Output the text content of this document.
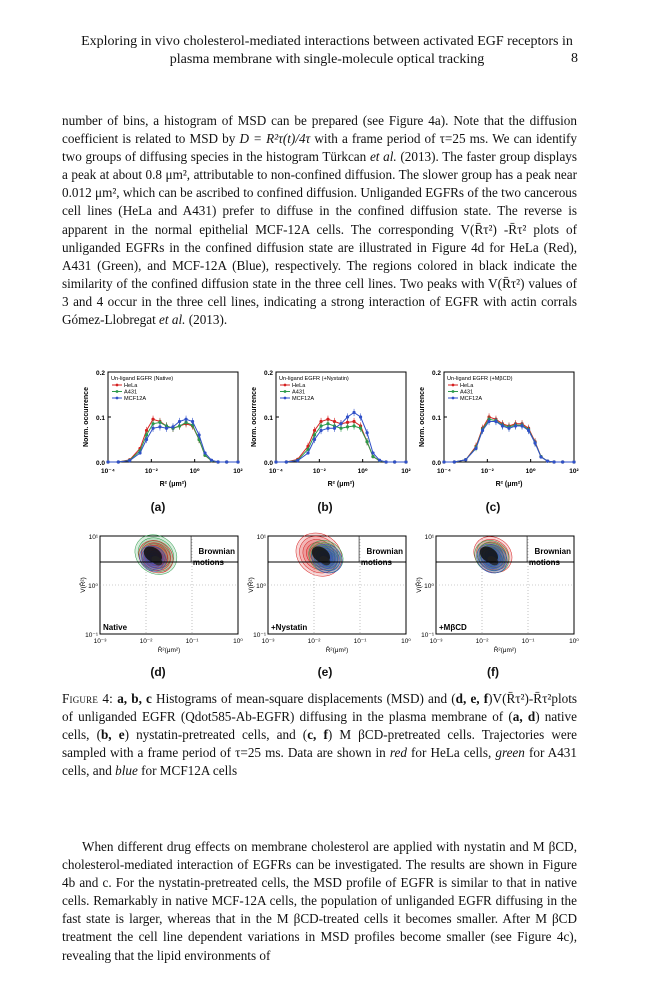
Exploring in vivo cholesterol-mediated interactions between activated EGF receptors in plasma membrane with single-molecule optical tracking	8
number of bins, a histogram of MSD can be prepared (see Figure 4a). Note that the diffusion coefficient is related to MSD by D = R²τ(t)/4τ with a frame period of τ=25 ms. We can identify two groups of diffusing species in the histogram Türkcan et al. (2013). The faster group displays a peak at about 0.8 μm², attributable to non-confined diffusion. The slower group has a peak near 0.012 μm², which can be ascribed to confined diffusion. Unliganded EGFRs of the two cancerous cell lines (HeLa and A431) prefer to diffuse in the confined diffusion state. The reverse is apparent in the normal epithelial MCF-12A cells. The corresponding V(R̄τ²) -R̄τ² plots of unliganded EGFRs in the confined diffusion state are illustrated in Figure 4d for HeLa (Red), A431 (Green), and MCF-12A (Blue), respectively. The regions colored in black indicate the similarity of the confined diffusion state in the three cell lines. Two peaks with V(R̄τ²) values of 3 and 4 occur in the three cell lines, indicating a strong interaction of EGFR with actin corrals Gómez-Llobregat et al. (2013).
0.2
0.1
0.0
10⁻⁴	10⁻²	10⁰	10²
R² (μm²)
Norm. occurrence
Un-ligand EGFR (Native)
HeLa
A431
MCF12A
0.2
0.1
0.0
10⁻⁴	10⁻²	10⁰	10²
R² (μm²)
Norm. occurrence
Un-ligand EGFR (+Nystatin)
HeLa
A431
MCF12A
0.2
0.1
0.0
10⁻⁴	10⁻²	10⁰	10²
R² (μm²)
Norm. occurrence
Un-ligand EGFR (+MβCD)
HeLa
A431
MCF12A
(a)	(b)	(c)
Brownian
motions
Native
10⁻³	10⁻²	10⁻¹	10⁰
10¹
10⁰
10⁻¹
R̄²(μm²)
V(R̄²)
Brownian
motions
+Nystatin
10⁻³	10⁻²	10⁻¹	10⁰
10¹
10⁰
10⁻¹
R̄²(μm²)
V(R̄²)
Brownian
motions
+MβCD
10⁻³	10⁻²	10⁻¹	10⁰
10¹
10⁰
10⁻¹
R̄²(μm²)
V(R̄²)
(d)	(e)	(f)
Figure 4: a, b, c Histograms of mean-square displacements (MSD) and (d, e, f)V(R̄τ²)-R̄τ²plots of unliganded EGFR (Qdot585-Ab-EGFR) diffusing in the plasma membrane of (a, d) native cells, (b, e) nystatin-pretreated cells, and (c, f) M βCD-pretreated cells. Trajectories were sampled with a frame period of τ=25 ms. Data are shown in red for HeLa cells, green for A431 cells, and blue for MCF12A cells
When different drug effects on membrane cholesterol are applied with nystatin and M βCD, cholesterol-mediated interaction of EGFRs can be investigated. The results are shown in Figure 4b and c. For the nystatin-pretreated cells, the MSD profile of EGFR is similar to that in native cells. Remarkably in native MCF-12A cells, the population of unliganded EGFR diffusing in the fast state is larger, whereas that in the M βCD-treated cells it becomes smaller. After M βCD treatment the cell line dependent variations in MSD profiles become smaller (see Figure 4c), revealing that the lipid environments of
